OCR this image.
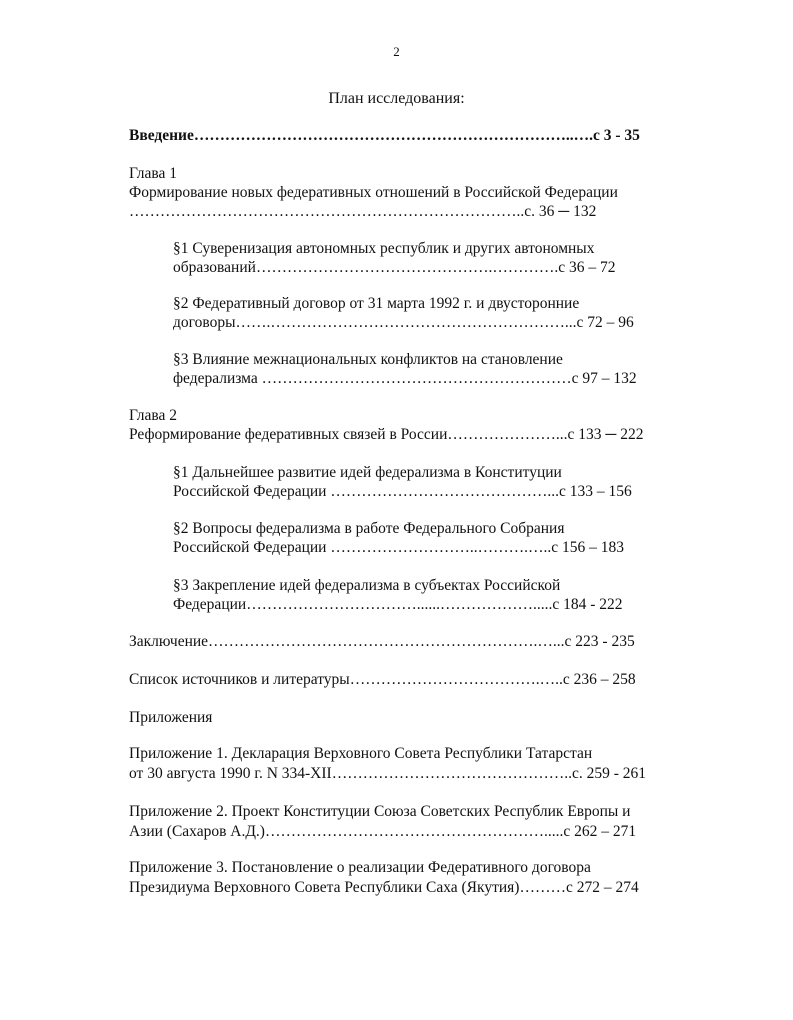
2
План исследования:
Введение………………………………………………………………..….с 3 - 35
Глава 1
Формирование новых федеративных отношений в Российской Федерации
…………………………………………………………………..с. 36 ─ 132
§1 Суверенизация автономных республик и других автономных
образований……………………………………….………….с 36 – 72
§2 Федеративный договор от 31 марта 1992 г. и двусторонние
договоры…….…………………………………………………...с 72 – 96
§3 Влияние межнациональных конфликтов на становление
федерализма ……………………………………………………с 97 – 132
Глава 2
Реформирование федеративных связей в России…………………...с 133 ─ 222
§1 Дальнейшее развитие идей федерализма в Конституции
Российской Федерации ……………………………………...с 133 – 156
§2 Вопросы федерализма в работе Федерального Собрания
Российской Федерации ………………………..……….…..с 156 – 183
§3 Закрепление идей федерализма в субъектах Российской
Федерации……………………………......……………….....с 184 - 222
Заключение……………………………………………………….…...с 223 - 235
Список источников и литературы……………………………….…..с 236 – 258
Приложения
Приложение 1. Декларация Верховного Совета Республики Татарстан
от 30 августа 1990 г. N 334-XII………………………………………..с. 259 - 261
Приложение 2. Проект Конституции Союза Советских Республик Европы и
Азии (Сахаров А.Д.)……………………………………………….....с 262 – 271
Приложение 3. Постановление о реализации Федеративного договора
Президиума Верховного Совета Республики Саха (Якутия)………с 272 – 274
